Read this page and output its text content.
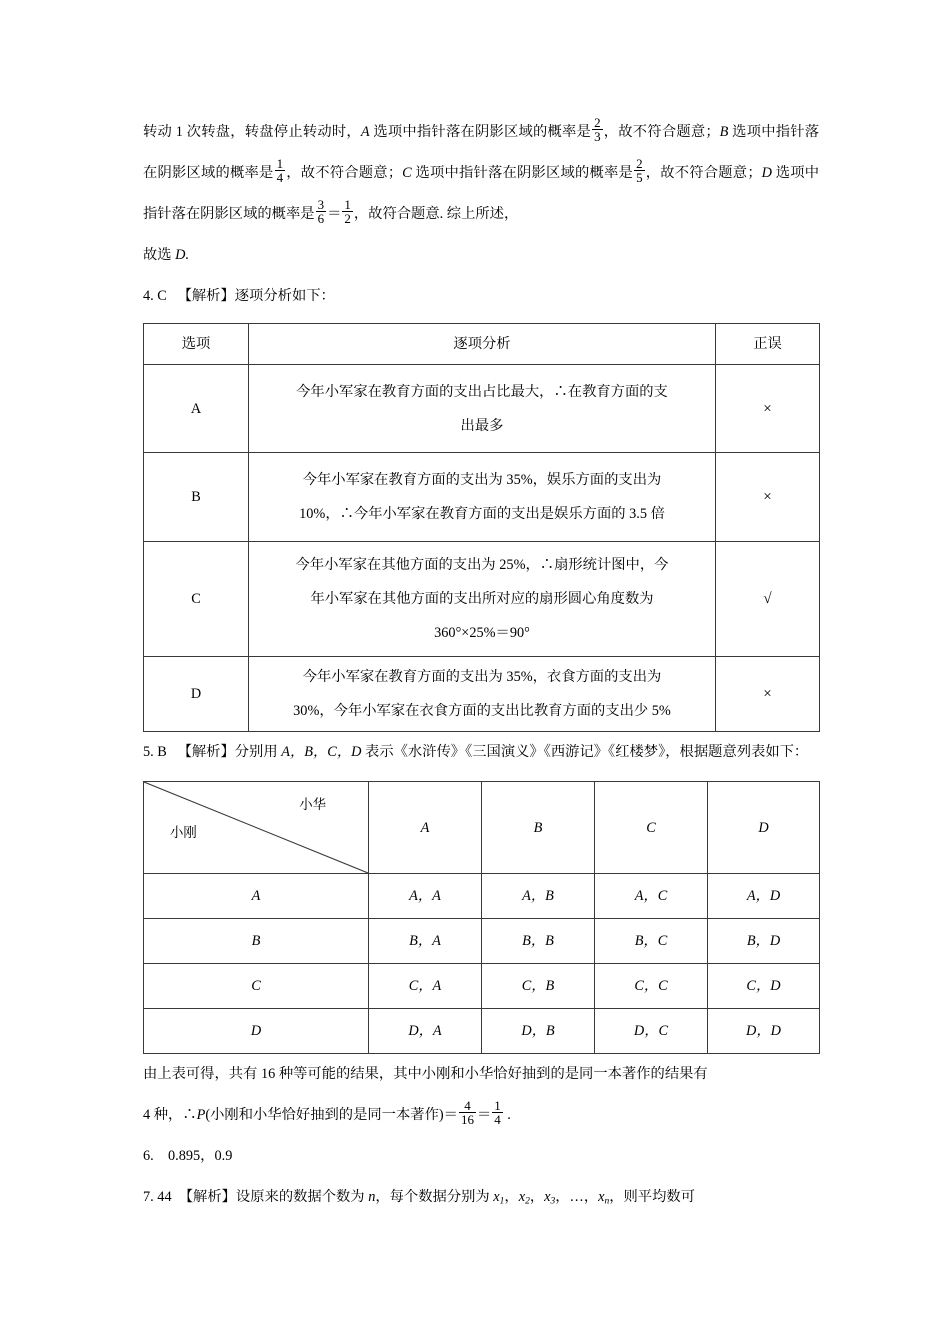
转动 1 次转盘，转盘停止转动时，A 选项中指针落在阴影区域的概率是 $\frac{2}{3}$ ，故不符合题意；B 选项中指针落在阴影区域的概率是 $\frac{1}{4}$ ，故不符合题意；C 选项中指针落在阴影区域的概率是 $\frac{2}{5}$ ，故不符合题意；D 选项中指针落在阴影区域的概率是 $\frac{3}{6} = \frac{1}{2}$ ，故符合题意. 综上所述，

故选 D.

4. C 【解析】逐项分析如下：

选项	逐项分析	正误
A	今年小军家在教育方面的支出占比最大，∴在教育方面的支
出最多	×
B	今年小军家在教育方面的支出为 35%，娱乐方面的支出为
10%，∴今年小军家在教育方面的支出是娱乐方面的 3.5 倍	×
C	今年小军家在其他方面的支出为 25%，∴扇形统计图中，今
年小军家在其他方面的支出所对应的扇形圆心角度数为
360°×25%＝90°	√
D	今年小军家在教育方面的支出为 35%，衣食方面的支出为
30%，今年小军家在衣食方面的支出比教育方面的支出少 5%	×

5. B 【解析】分别用 A，B，C，D 表示《水浒传》《三国演义》《西游记》《红楼梦》，根据题意列表如下：

小华
小刚	A	B	C	D
A	A，A	A，B	A，C	A，D
B	B，A	B，B	B，C	B，D
C	C，A	C，B	C，C	C，D
D	D，A	D，B	D，C	D，D

由上表可得，共有 16 种等可能的结果，其中小刚和小华恰好抽到的是同一本著作的结果有

4 种，∴P(小刚和小华恰好抽到的是同一本著作)＝ $\frac{4}{16} = \frac{1}{4}$ .

6.　0.895，0.9

7. 44　【解析】设原来的数据个数为 n，每个数据分别为 $x_1$，$x_2$，$x_3$，…，$x_n$，则平均数可
